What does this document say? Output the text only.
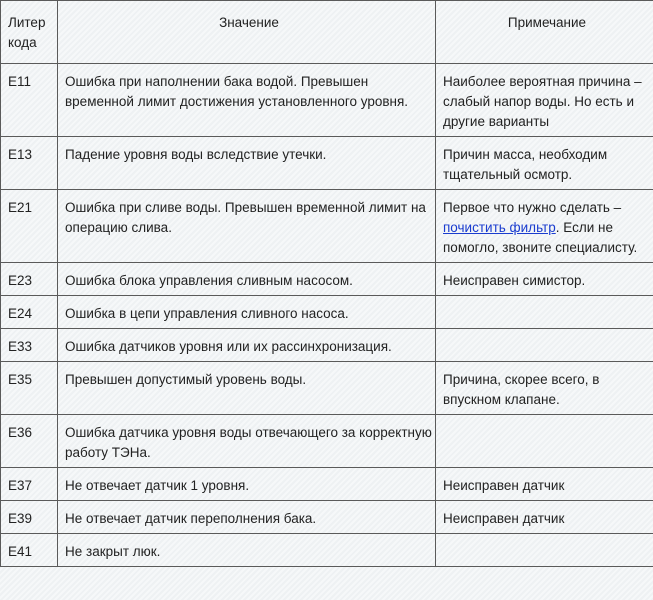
Литер кода	Значение	Примечание
E11	Ошибка при наполнении бака водой. Превышен временной лимит достижения установленного уровня.	Наиболее вероятная причина – слабый напор воды. Но есть и другие варианты
E13	Падение уровня воды вследствие утечки.	Причин масса, необходим тщательный осмотр.
E21	Ошибка при сливе воды. Превышен временной лимит на операцию слива.	Первое что нужно сделать – почистить фильтр. Если не помогло, звоните специалисту.
E23	Ошибка блока управления сливным насосом.	Неисправен симистор.
E24	Ошибка в цепи управления сливного насоса.	
E33	Ошибка датчиков уровня или их рассинхронизация.	
E35	Превышен допустимый уровень воды.	Причина, скорее всего, в впускном клапане.
E36	Ошибка датчика уровня воды отвечающего за корректную работу ТЭНа.	
E37	Не отвечает датчик 1 уровня.	Неисправен датчик
E39	Не отвечает датчик переполнения бака.	Неисправен датчик
E41	Не закрыт люк.	
